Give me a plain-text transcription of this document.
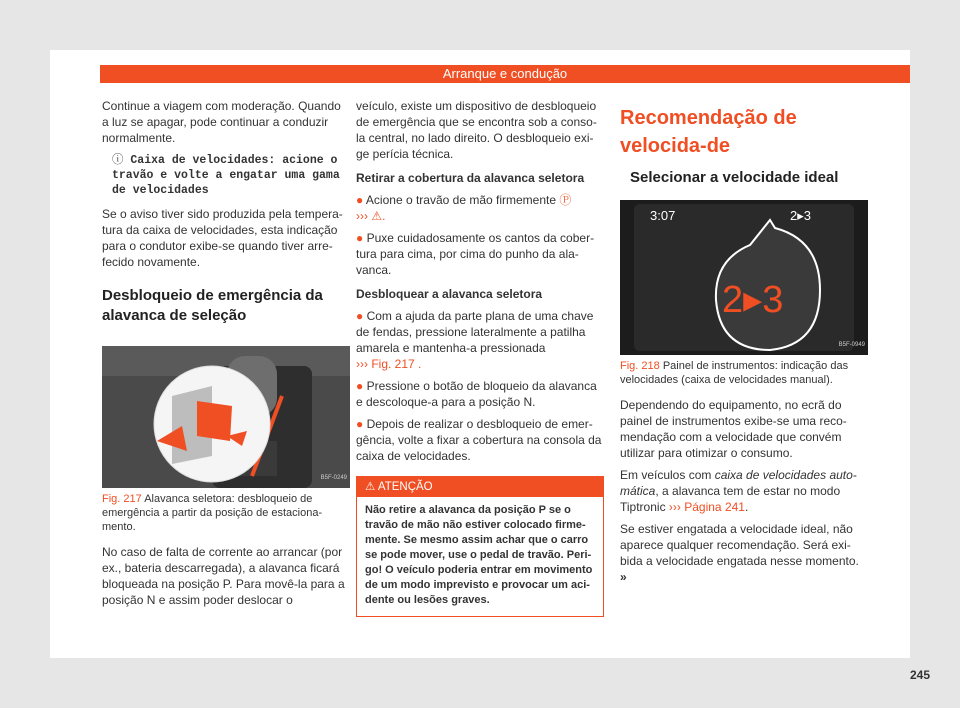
Arranque e condução

Continue a viagem com moderação. Quando a luz se apagar, pode continuar a conduzir normalmente.

ⓘ Caixa de velocidades: acione o travão e volte a engatar uma gama de velocidades

Se o aviso tiver sido produzida pela tempera-tura da caixa de velocidades, esta indicação para o condutor exibe-se quando tiver arre-fecido novamente.

Desbloqueio de emergência da alavanca de seleção
B5F-0249
Fig. 217 Alavanca seletora: desbloqueio de emergência a partir da posição de estaciona-mento.

No caso de falta de corrente ao arrancar (por ex., bateria descarregada), a alavanca ficará bloqueada na posição P. Para movê-la para a posição N e assim poder deslocar o

veículo, existe um dispositivo de desbloqueio de emergência que se encontra sob a conso-la central, no lado direito. O desbloqueio exi-ge perícia técnica.

Retirar a cobertura da alavanca seletora

● Acione o travão de mão firmemente Ⓟ
››› ⚠.

● Puxe cuidadosamente os cantos da cober-tura para cima, por cima do punho da ala-vanca.

Desbloquear a alavanca seletora

● Com a ajuda da parte plana de uma chave de fendas, pressione lateralmente a patilha amarela e mantenha-a pressionada
››› Fig. 217 .

● Pressione o botão de bloqueio da alavanca e descoloque-a para a posição N.

● Depois de realizar o desbloqueio de emer-gência, volte a fixar a cobertura na consola da caixa de velocidades.

⚠ ATENÇÃO
Não retire a alavanca da posição P se o travão de mão não estiver colocado firme-mente. Se mesmo assim achar que o carro se pode mover, use o pedal de travão. Peri-go! O veículo poderia entrar em movimento de um modo imprevisto e provocar um aci-dente ou lesões graves.
Recomendação de velocida-de
Selecionar a velocidade ideal
3:07	2▸3
2▸3
B5F-0949
Fig. 218 Painel de instrumentos: indicação das velocidades (caixa de velocidades manual).

Dependendo do equipamento, no ecrã do painel de instrumentos exibe-se uma reco-mendação com a velocidade que convém utilizar para otimizar o consumo.

Em veículos com caixa de velocidades auto-mática, a alavanca tem de estar no modo Tiptronic ››› Página 241.

Se estiver engatada a velocidade ideal, não aparece qualquer recomendação. Será exi-bida a velocidade engatada nesse momento. »

245
